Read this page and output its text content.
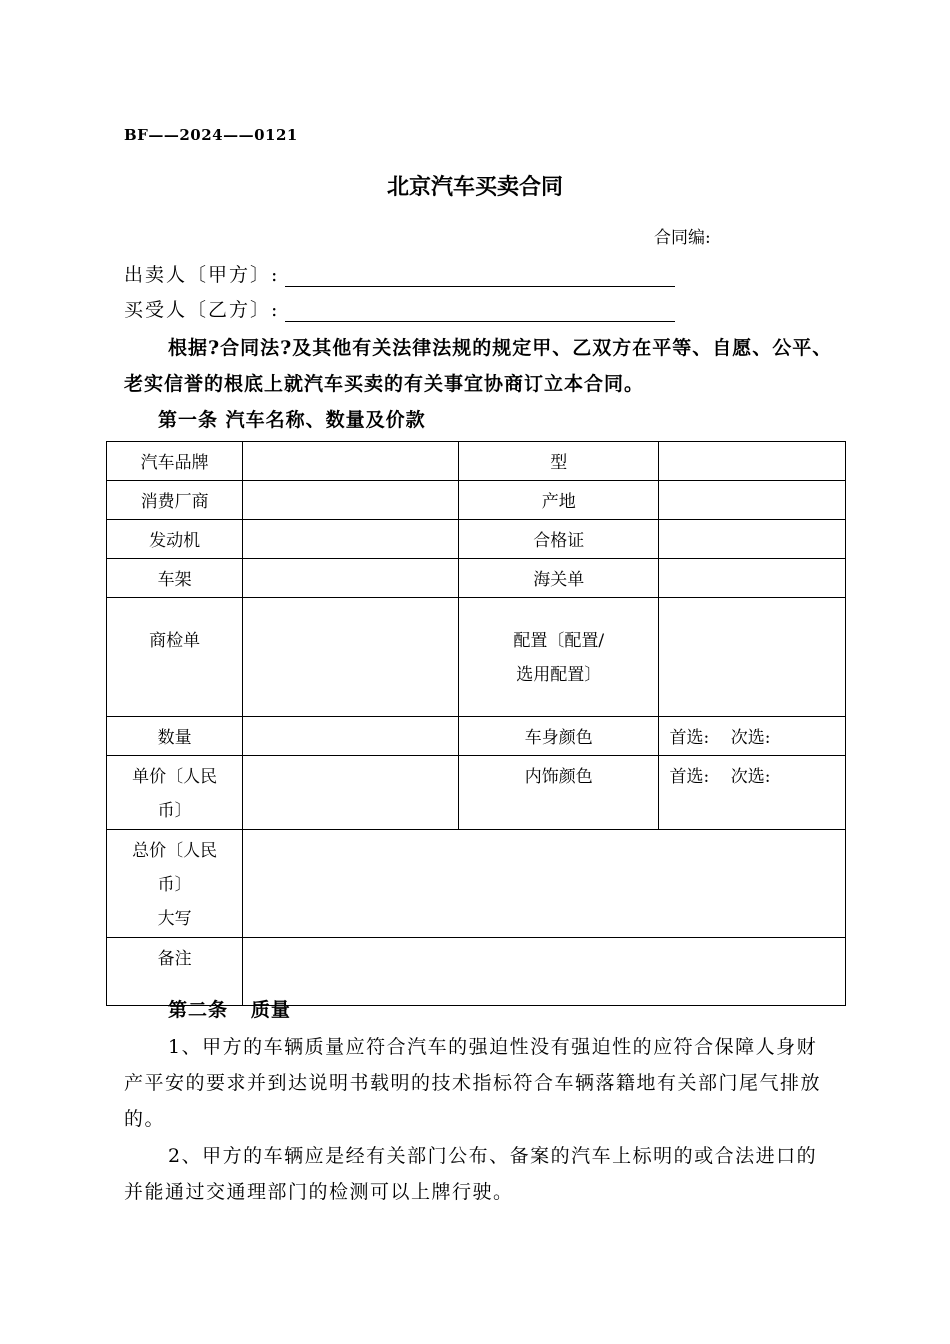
BF——2024——0121
北京汽车买卖合同
合同编:
出卖人〔甲方〕:
买受人〔乙方〕:
根据?合同法?及其他有关法律法规的规定甲、乙双方在平等、自愿、公平、老实信誉的根底上就汽车买卖的有关事宜协商订立本合同。
第一条 汽车名称、数量及价款
汽车品牌		型	
消费厂商		产地	
发动机		合格证	
车架		海关单	
商检单		配置〔配置/
选用配置〕	

数量		车身颜色	首选:    次选:

单价〔人民
币〕		内饰颜色	首选:    次选:

总价〔人民
币〕
大写			

备注			
第二条   质量
1、甲方的车辆质量应符合汽车的强迫性没有强迫性的应符合保障人身财产平安的要求并到达说明书载明的技术指标符合车辆落籍地有关部门尾气排放的。
2、甲方的车辆应是经有关部门公布、备案的汽车上标明的或合法进口的并能通过交通理部门的检测可以上牌行驶。
